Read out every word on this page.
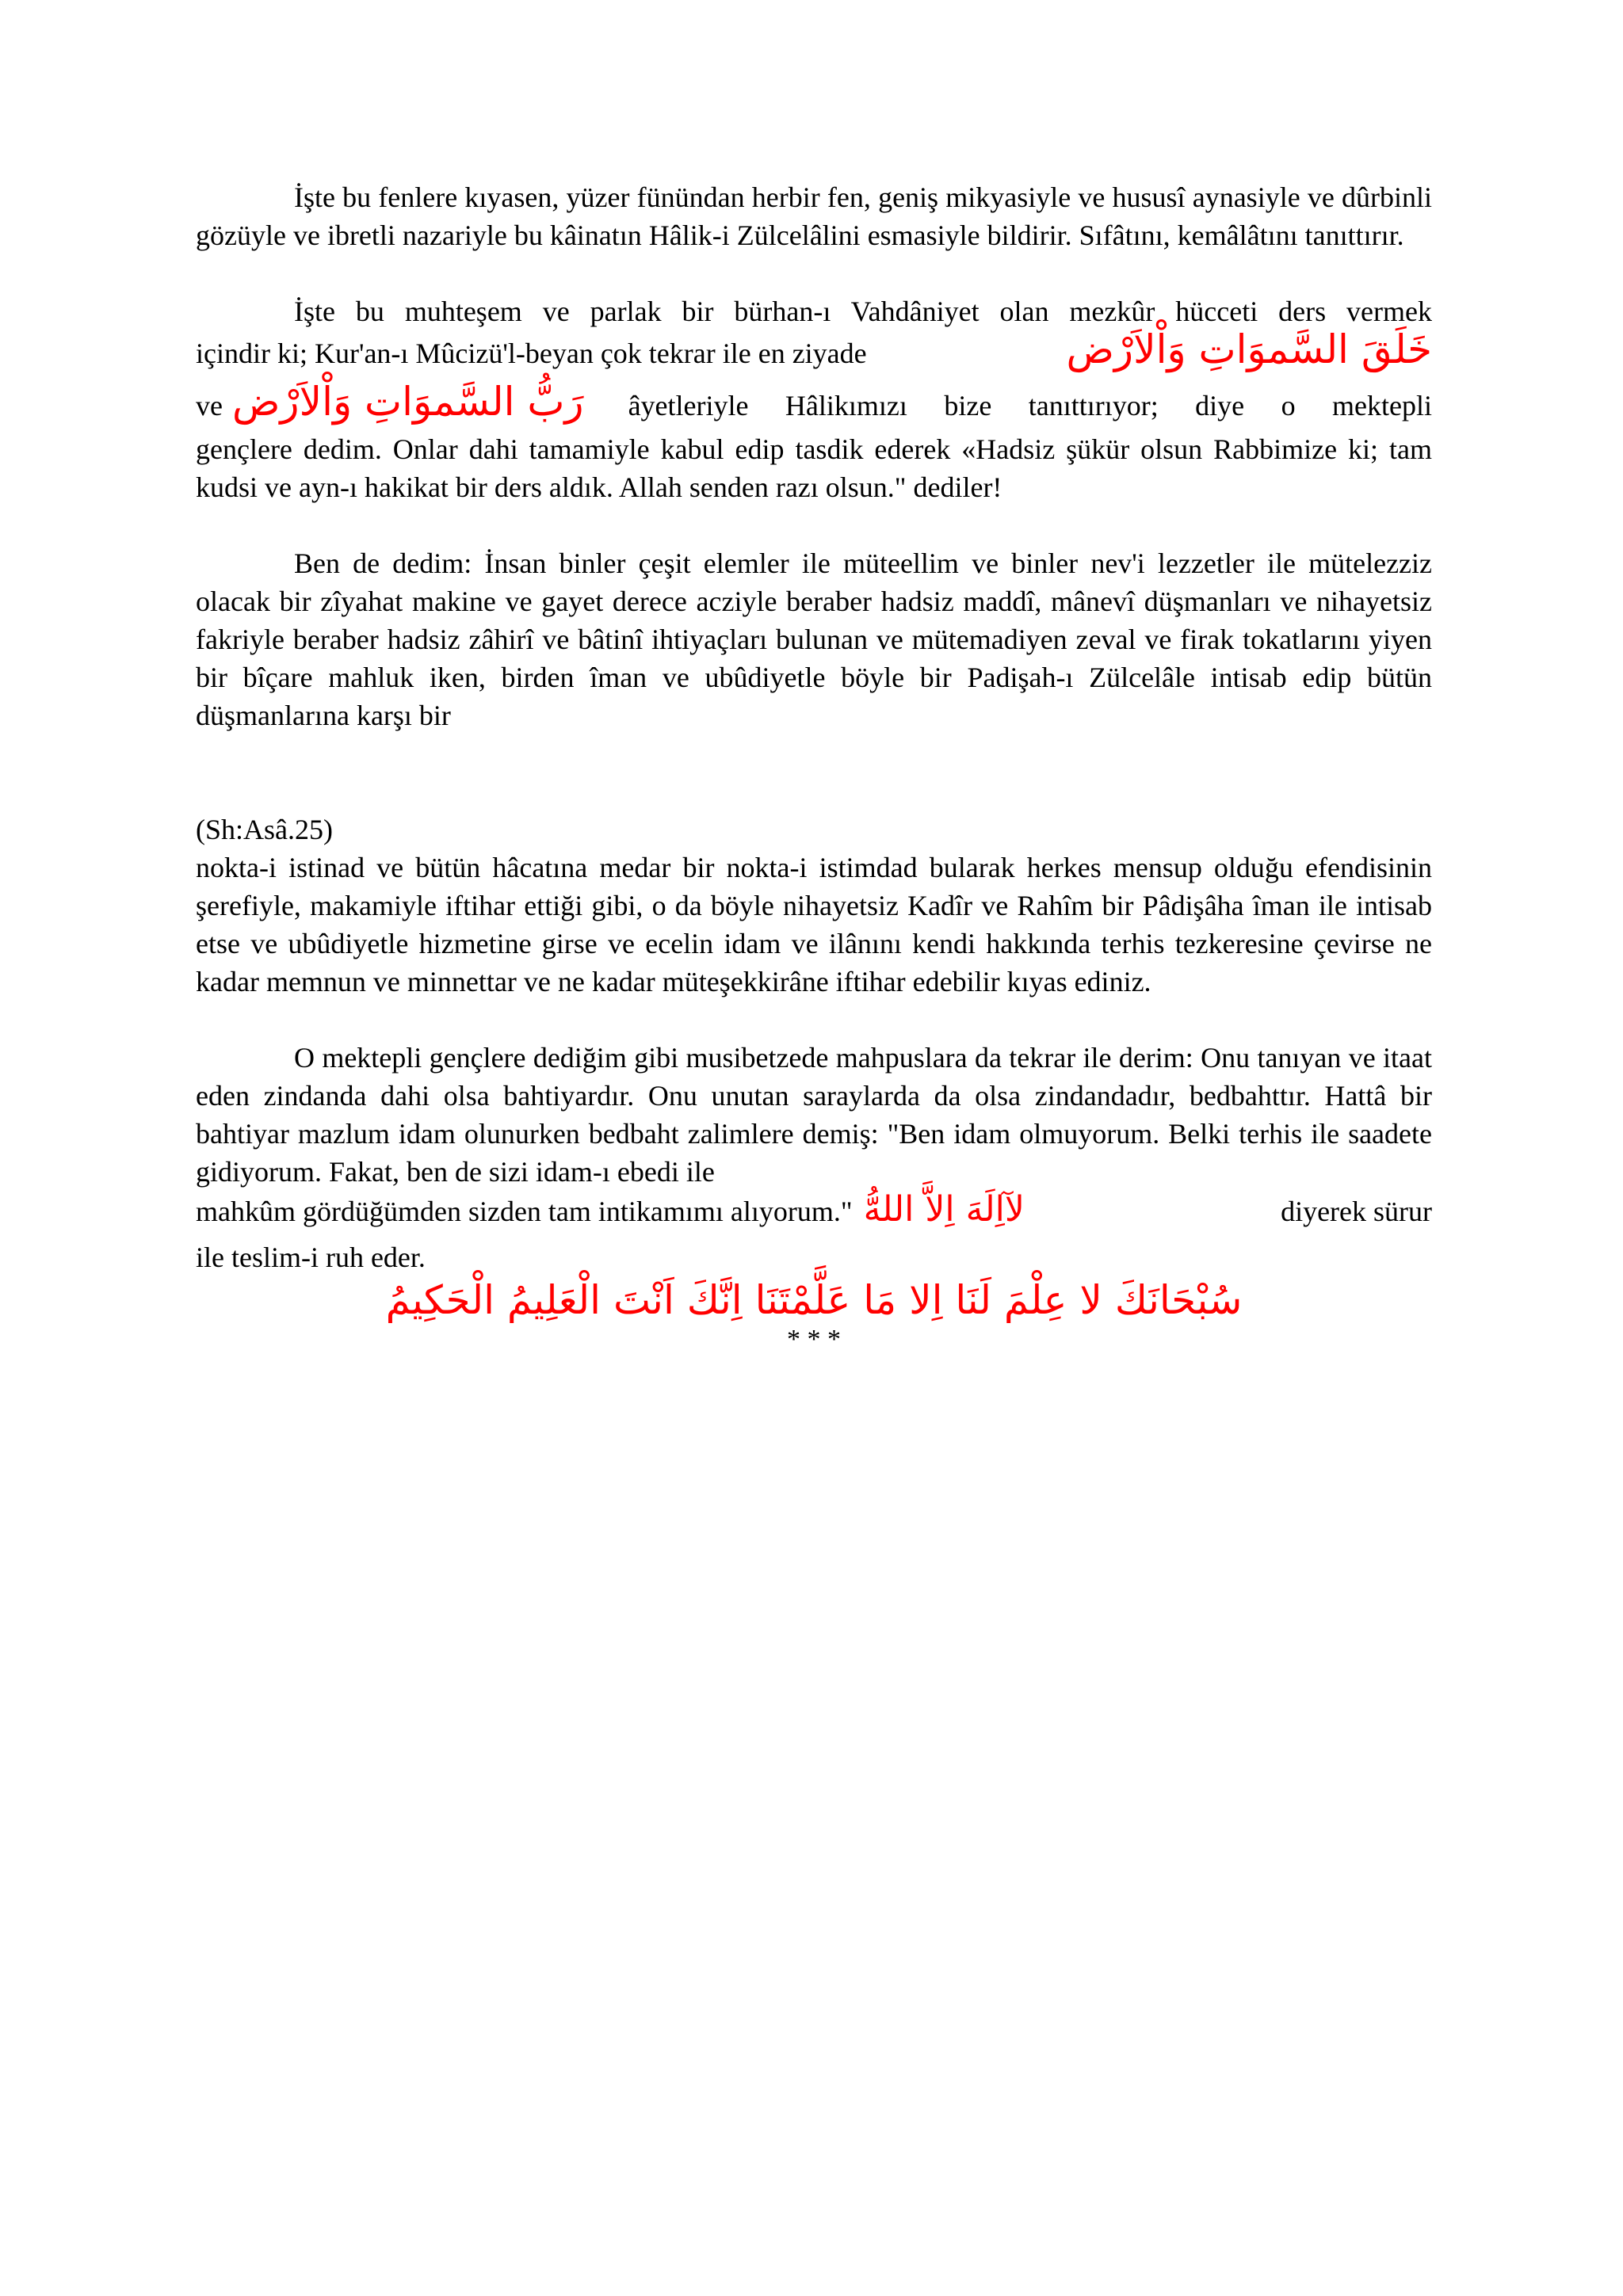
İşte bu fenlere kıyasen, yüzer fünündan herbir fen, geniş mikyasiyle ve hususî aynasiyle ve dûrbinli gözüyle ve ibretli nazariyle bu kâinatın Hâlik-i Zülcelâlini esmasiyle bildirir. Sıfâtını, kemâlâtını tanıttırır.

İşte bu muhteşem ve parlak bir bürhan-ı Vahdâniyet olan mezkûr hücceti ders vermek

içindir ki; Kur'an-ı Mûcizü'l-beyan çok tekrar ile en ziyade	خَلَقَ السَّموَاتِ وَاْلاَرْض
ve رَبُّ السَّموَاتِ وَاْلاَرْض âyetleriyle Hâlikımızı bize tanıttırıyor; diye o mektepli

gençlere dedim. Onlar dahi tamamiyle kabul edip tasdik ederek «Hadsiz şükür olsun Rabbimize ki; tam kudsi ve ayn-ı hakikat bir ders aldık. Allah senden razı olsun." dediler!

Ben de dedim: İnsan binler çeşit elemler ile müteellim ve binler nev'i lezzetler ile mütelezziz olacak bir zîyahat makine ve gayet derece acziyle beraber hadsiz maddî, mânevî düşmanları ve nihayetsiz fakriyle beraber hadsiz zâhirî ve bâtinî ihtiyaçları bulunan ve mütemadiyen zeval ve firak tokatlarını yiyen bir bîçare mahluk iken, birden îman ve ubûdiyetle böyle bir Padişah-ı Zülcelâle intisab edip bütün düşmanlarına karşı bir

(Sh:Asâ.25)

nokta-i istinad ve bütün hâcatına medar bir nokta-i istimdad bularak herkes mensup olduğu efendisinin şerefiyle, makamiyle iftihar ettiği gibi, o da böyle nihayetsiz Kadîr ve Rahîm bir Pâdişâha îman ile intisab etse ve ubûdiyetle hizmetine girse ve ecelin idam ve ilânını kendi hakkında terhis tezkeresine çevirse ne kadar memnun ve minnettar ve ne kadar müteşekkirâne iftihar edebilir kıyas ediniz.

O mektepli gençlere dediğim gibi musibetzede mahpuslara da tekrar ile derim: Onu tanıyan ve itaat eden zindanda dahi olsa bahtiyardır. Onu unutan saraylarda da olsa zindandadır, bedbahttır. Hattâ bir bahtiyar mazlum idam olunurken bedbaht zalimlere demiş: "Ben idam olmuyorum. Belki terhis ile saadete gidiyorum. Fakat, ben de sizi idam-ı ebedi ile

mahkûm gördüğümden sizden tam intikamımı alıyorum." لآاِلَهَ اِلاَّ اللهُّ	diyerek sürur

ile teslim-i ruh eder.

سُبْحَانَكَ لا عِلْمَ لَنَا اِلا مَا عَلَّمْتَنَا اِنَّكَ اَنْتَ الْعَلِيمُ الْحَكِيمُ

* * *
